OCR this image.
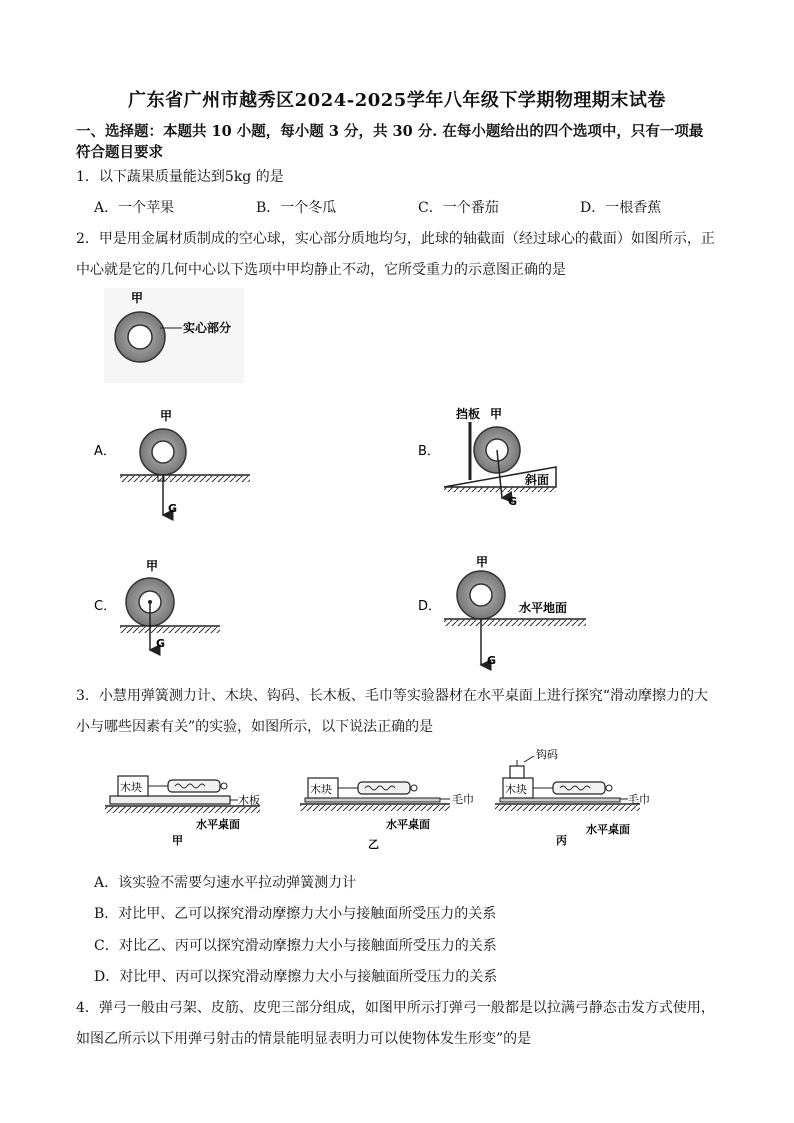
广东省广州市越秀区2024-2025学年八年级下学期物理期末试卷
一、选择题：本题共 10 小题，每小题 3 分，共 30 分. 在每小题给出的四个选项中，只有一项最
符合题目要求
1．以下蔬果质量能达到5kg 的是
A．一个苹果	B．一个冬瓜	C．一个番茄	D．一根香蕉
2．甲是用金属材质制成的空心球，实心部分质地均匀，此球的轴截面（经过球心的截面）如图所示，正
中心就是它的几何中心以下选项中甲均静止不动，它所受重力的示意图正确的是
甲
实心部分
A．
甲
G
B．
挡板 甲
G
斜面
C．
甲
G
D．
甲
水平地面
G
3．小慧用弹簧测力计、木块、钩码、长木板、毛巾等实验器材在水平桌面上进行探究“滑动摩擦力的大
小与哪些因素有关”的实验，如图所示，以下说法正确的是
木块
木板
水平桌面
甲
木块
毛巾
水平桌面
乙
木块
钩码
毛巾
水平桌面
丙
A．该实验不需要匀速水平拉动弹簧测力计
B．对比甲、乙可以探究滑动摩擦力大小与接触面所受压力的关系
C．对比乙、丙可以探究滑动摩擦力大小与接触面所受压力的关系
D．对比甲、丙可以探究滑动摩擦力大小与接触面所受压力的关系
4．弹弓一般由弓架、皮筋、皮兜三部分组成，如图甲所示打弹弓一般都是以拉满弓静态击发方式使用，
如图乙所示以下用弹弓射击的情景能明显表明力可以使物体发生形变”的是
